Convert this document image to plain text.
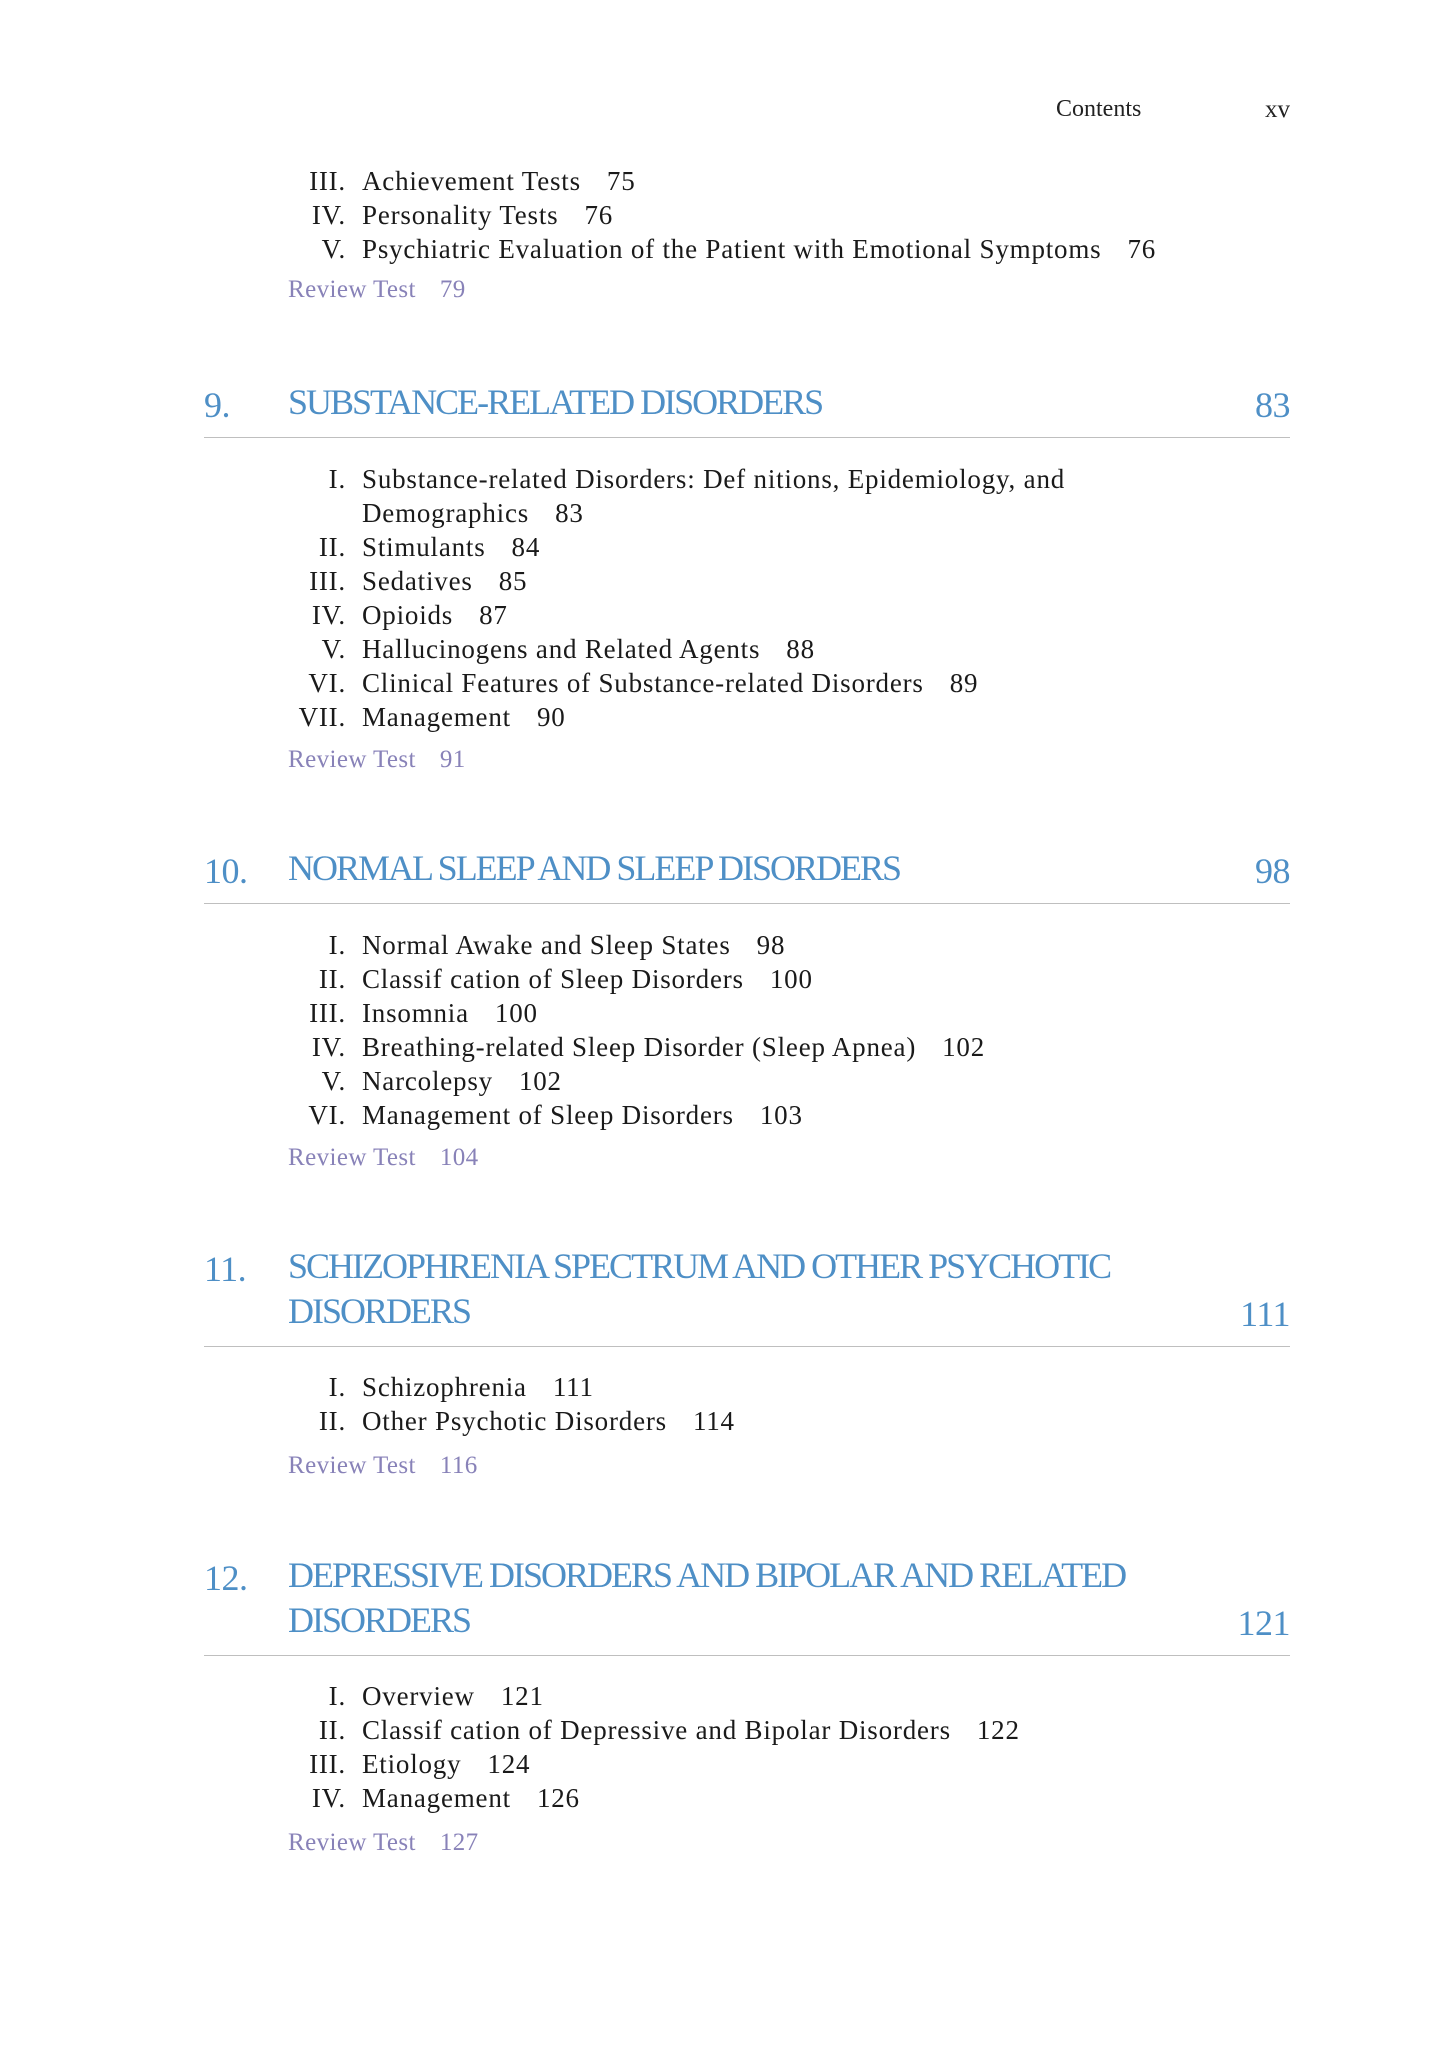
Contents	xv
III. Achievement Tests 75
IV. Personality Tests 76
V. Psychiatric Evaluation of the Patient with Emotional Symptoms 76
Review Test 79
9. SUBSTANCE-RELATED DISORDERS	83
I. Substance-related Disorders: Def nitions, Epidemiology, and
Demographics 83
II. Stimulants 84
III. Sedatives 85
IV. Opioids 87
V. Hallucinogens and Related Agents 88
VI. Clinical Features of Substance-related Disorders 89
VII. Management 90
Review Test 91
10. NORMAL SLEEP AND SLEEP DISORDERS	98
I. Normal Awake and Sleep States 98
II. Classif cation of Sleep Disorders 100
III. Insomnia 100
IV. Breathing-related Sleep Disorder (Sleep Apnea) 102
V. Narcolepsy 102
VI. Management of Sleep Disorders 103
Review Test 104
11. SCHIZOPHRENIA SPECTRUM AND OTHER PSYCHOTIC
DISORDERS	111
I. Schizophrenia 111
II. Other Psychotic Disorders 114
Review Test 116
12. DEPRESSIVE DISORDERS AND BIPOLAR AND RELATED
DISORDERS	121
I. Overview 121
II. Classif cation of Depressive and Bipolar Disorders 122
III. Etiology 124
IV. Management 126
Review Test 127
